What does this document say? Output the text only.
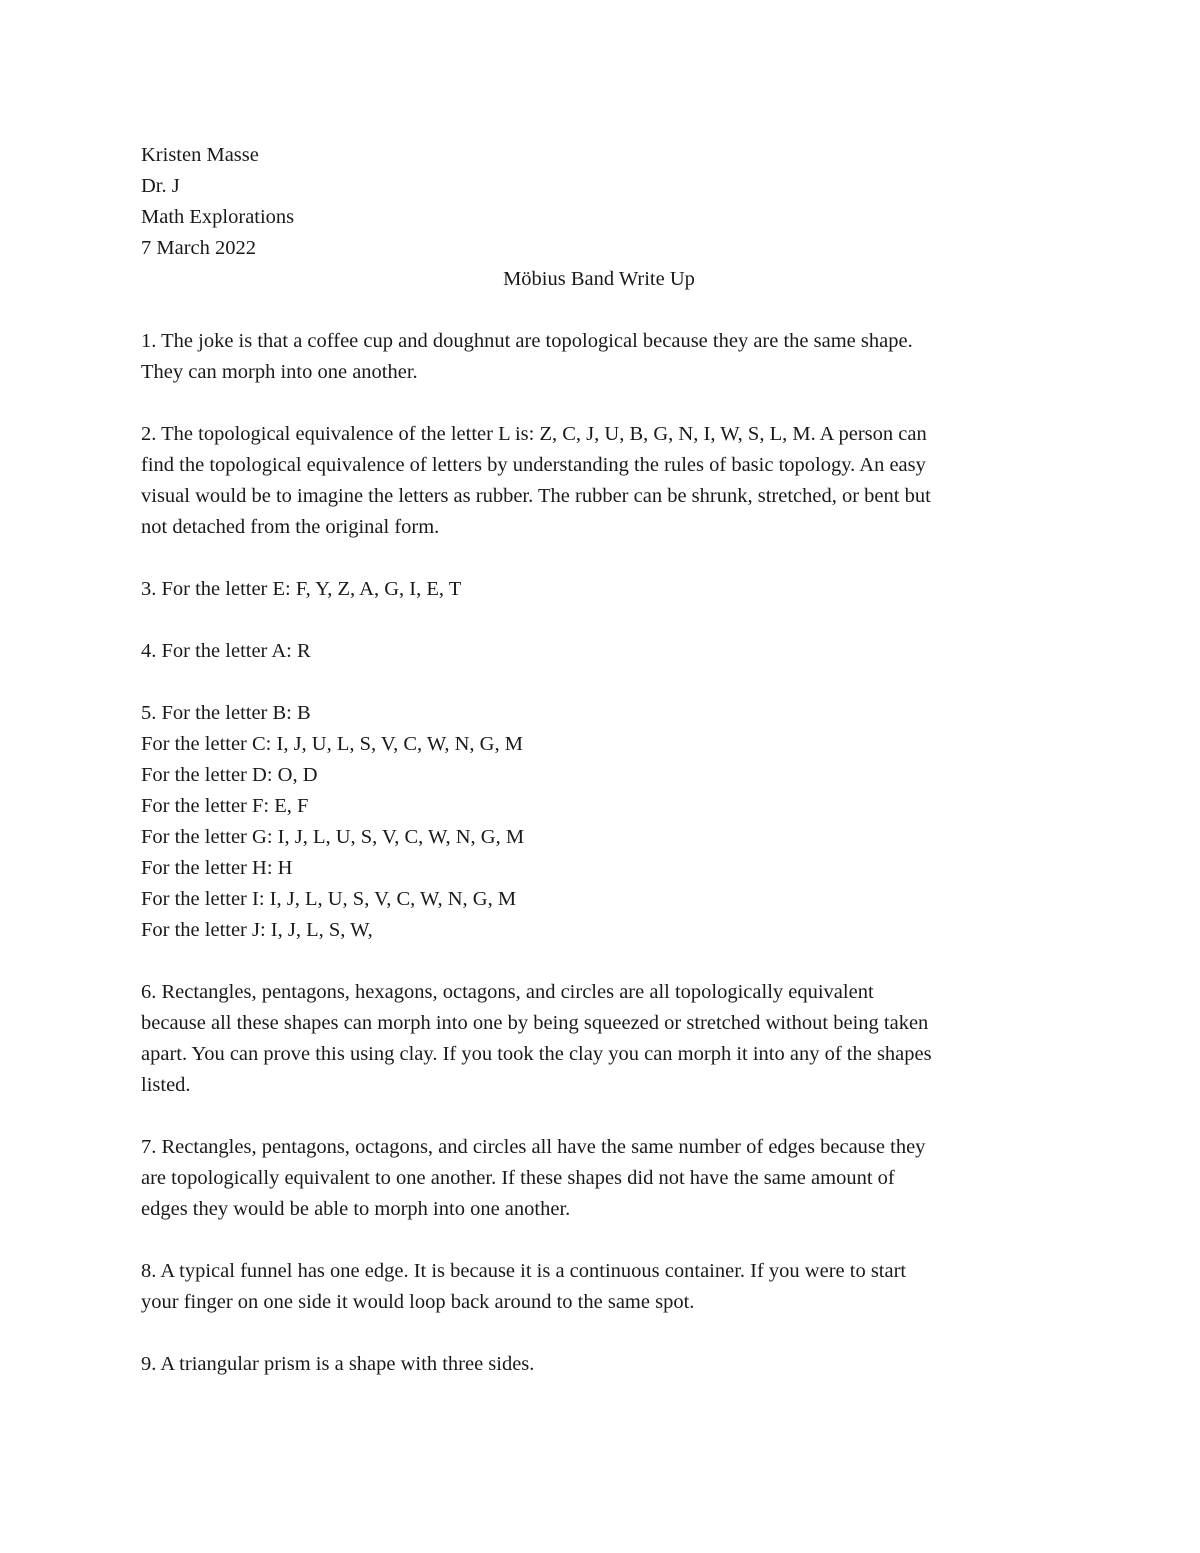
Kristen Masse
Dr. J
Math Explorations
7 March 2022
Möbius Band Write Up
1. The joke is that a coffee cup and doughnut are topological because they are the same shape.
They can morph into one another.
2. The topological equivalence of the letter L is: Z, C, J, U, B, G, N, I, W, S, L, M. A person can
find the topological equivalence of letters by understanding the rules of basic topology. An easy
visual would be to imagine the letters as rubber. The rubber can be shrunk, stretched, or bent but
not detached from the original form.
3. For the letter E: F, Y, Z, A, G, I, E, T
4. For the letter A: R
5. For the letter B: B
For the letter C: I, J, U, L, S, V, C, W, N, G, M
For the letter D: O, D
For the letter F: E, F
For the letter G: I, J, L, U, S, V, C, W, N, G, M
For the letter H: H
For the letter I: I, J, L, U, S, V, C, W, N, G, M
For the letter J: I, J, L, S, W,
6. Rectangles, pentagons, hexagons, octagons, and circles are all topologically equivalent
because all these shapes can morph into one by being squeezed or stretched without being taken
apart. You can prove this using clay. If you took the clay you can morph it into any of the shapes
listed.
7. Rectangles, pentagons, octagons, and circles all have the same number of edges because they
are topologically equivalent to one another. If these shapes did not have the same amount of
edges they would be able to morph into one another.
8. A typical funnel has one edge. It is because it is a continuous container. If you were to start
your finger on one side it would loop back around to the same spot.
9. A triangular prism is a shape with three sides.
